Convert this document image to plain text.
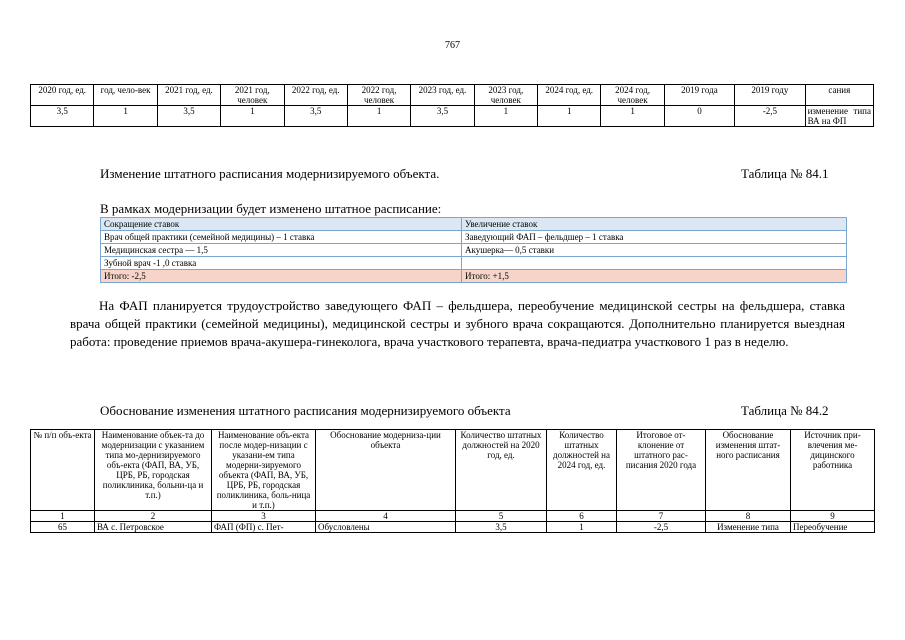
767
2020 год, ед.	год, чело-век	2021 год, ед.	2021 год, человек	2022 год, ед.	2022 год, человек	2023 год, ед.	2023 год, человек	2024 год, ед.	2024 год, человек	2019 года	2019 году	сания
3,5	1	3,5	1	3,5	1	3,5	1	1	1	0	-2,5	изменение типа ВА на ФП
Изменение штатного расписания модернизируемого объекта.	Таблица № 84.1
В рамках модернизации будет изменено штатное расписание:
Сокращение ставок	Увеличение ставок
Врач общей практики (семейной медицины) – 1 ставка	Заведующий ФАП – фельдшер – 1 ставка
Медицинская сестра — 1,5	Акушерка— 0,5 ставки
Зубной врач -1 ,0 ставка	
Итого: -2,5	Итого: +1,5

На ФАП планируется трудоустройство заведующего ФАП – фельдшера, переобучение медицинской сестры на фельдшера, ставка врача общей практики (семейной медицины), медицинской сестры и зубного врача сокращаются. Дополнительно планируется выездная работа: проведение приемов врача-акушера-гинеколога, врача участкового терапевта, врача-педиатра участкового 1 раз в неделю.

Обоснование изменения штатного расписания модернизируемого объекта	Таблица № 84.2
№ п/п объ-екта	Наименование объек-та до модернизации с указанием типа мо-дернизируемого объ-екта (ФАП, ВА, УБ, ЦРБ, РБ, городская поликлиника, больни-ца и т.п.)	Наименование объ-екта после модер-низации с указани-ем типа модерни-зируемого объекта (ФАП, ВА, УБ, ЦРБ, РБ, городская поликлиника, боль-ница и т.п.)	Обоснование модерниза-ции объекта	Количество штатных должностей на 2020 год, ед.	Количество штатных должностей на 2024 год, ед.	Итоговое от-клонение от штатного рас-писания 2020 года	Обоснование изменения штат-ного расписания	Источник при-влечения ме-дицинского работника
1	2	3	4	5	6	7	8	9
65	ВА с. Петровское	ФАП (ФП) с. Пет-	Обусловлены	3,5	1	-2,5	Изменение типа	Переобучение
